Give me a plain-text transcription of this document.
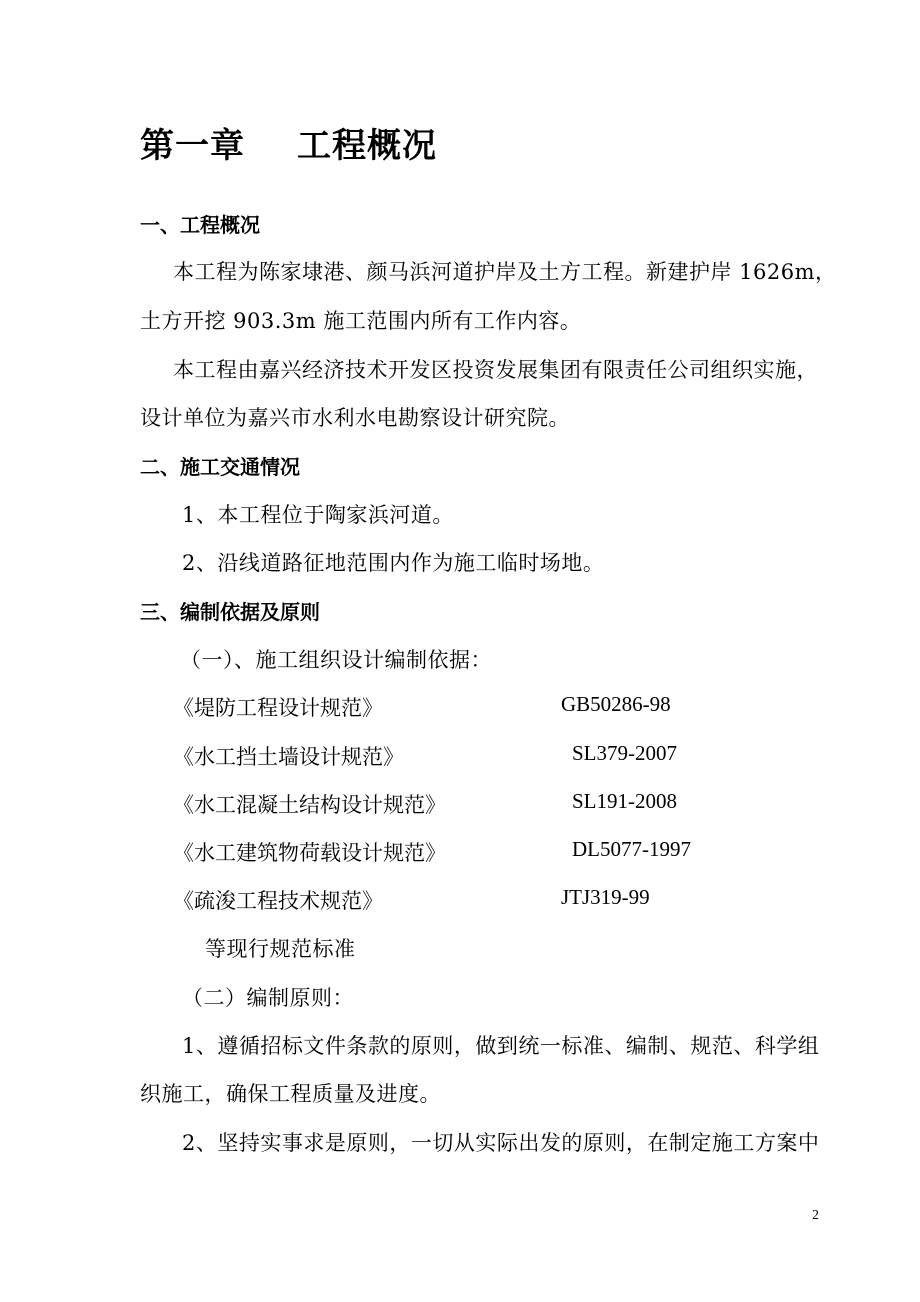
第一章 工程概况
一、工程概况
本工程为陈家埭港、颜马浜河道护岸及土方工程。新建护岸 1626m，
土方开挖 903.3m 施工范围内所有工作内容。
本工程由嘉兴经济技术开发区投资发展集团有限责任公司组织实施，
设计单位为嘉兴市水利水电勘察设计研究院。
二、施工交通情况
1、本工程位于陶家浜河道。
2、沿线道路征地范围内作为施工临时场地。
三、编制依据及原则
（一）、施工组织设计编制依据：
《堤防工程设计规范》	GB50286-98
《水工挡土墙设计规范》	SL379-2007
《水工混凝土结构设计规范》	SL191-2008
《水工建筑物荷载设计规范》	DL5077-1997
《疏浚工程技术规范》	JTJ319-99
等现行规范标准
（二）编制原则：
1、遵循招标文件条款的原则，做到统一标准、编制、规范、科学组
织施工，确保工程质量及进度。
2、坚持实事求是原则，一切从实际出发的原则，在制定施工方案中
2
